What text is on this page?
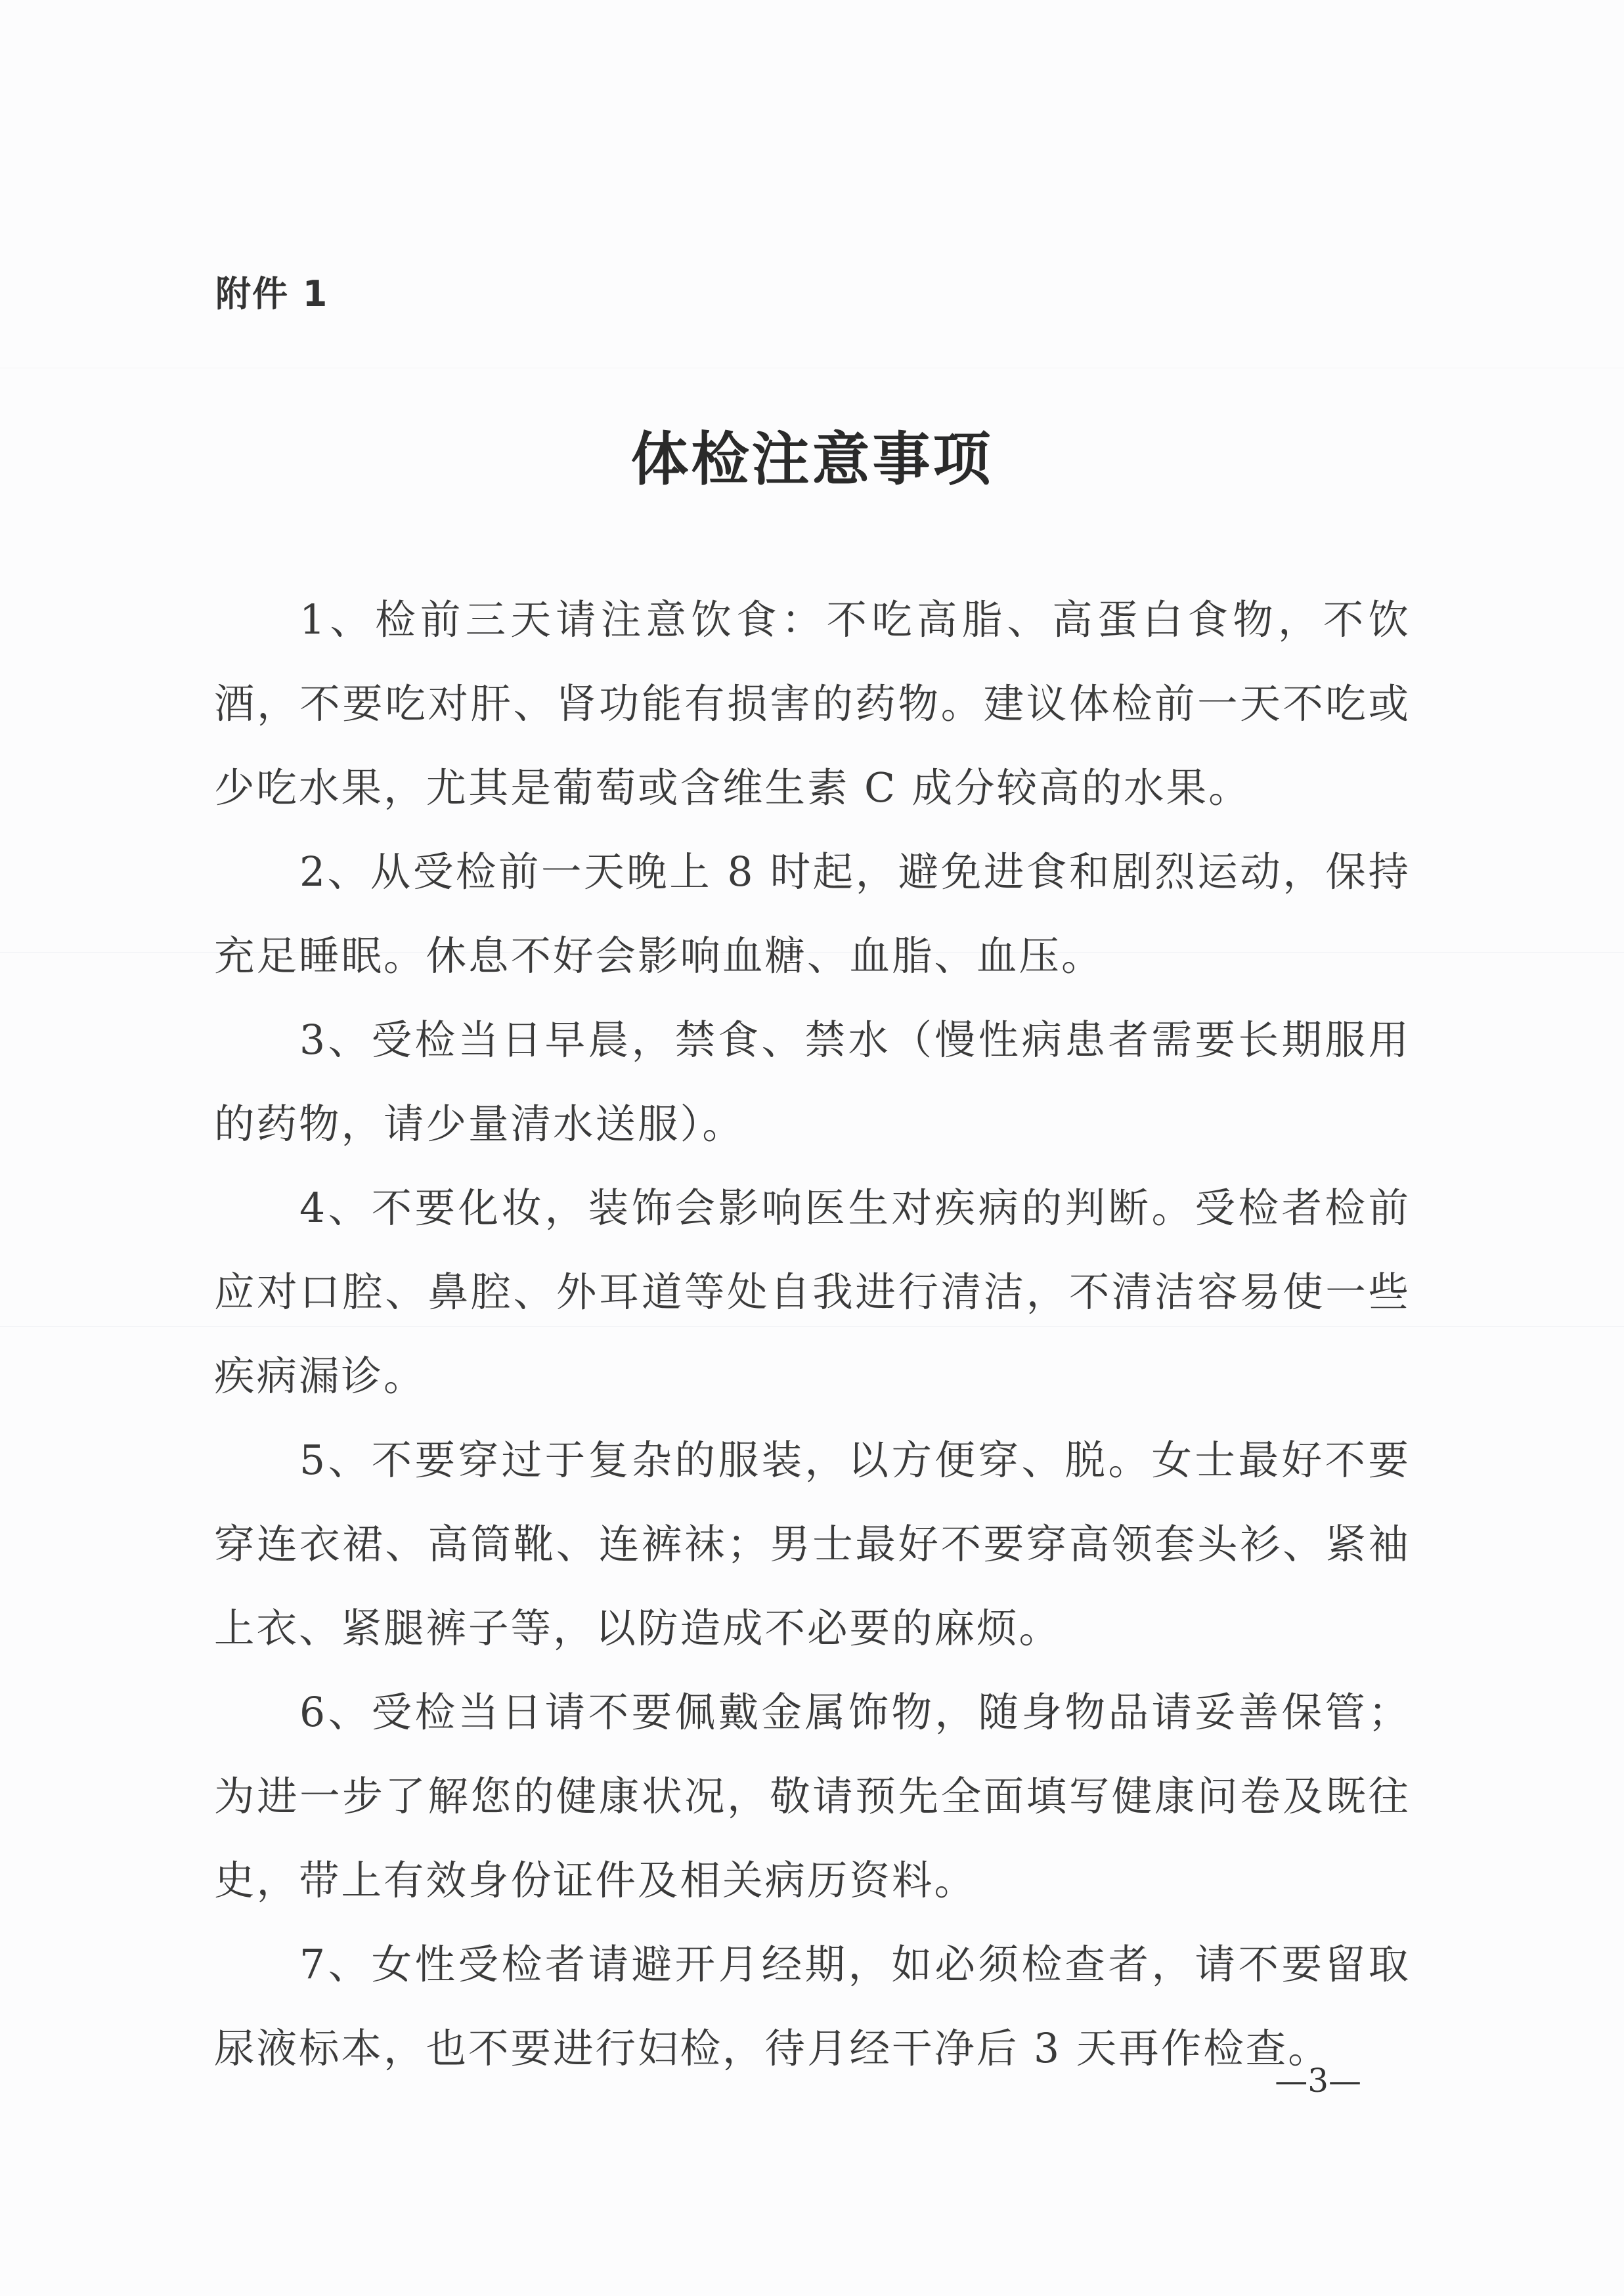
附件 1
体检注意事项

1、检前三天请注意饮食：不吃高脂、高蛋白食物，不饮酒，不要吃对肝、肾功能有损害的药物。建议体检前一天不吃或少吃水果，尤其是葡萄或含维生素 C 成分较高的水果。

2、从受检前一天晚上 8 时起，避免进食和剧烈运动，保持充足睡眠。休息不好会影响血糖、血脂、血压。

3、受检当日早晨，禁食、禁水（慢性病患者需要长期服用的药物，请少量清水送服）。

4、不要化妆，装饰会影响医生对疾病的判断。受检者检前应对口腔、鼻腔、外耳道等处自我进行清洁，不清洁容易使一些疾病漏诊。

5、不要穿过于复杂的服装，以方便穿、脱。女士最好不要穿连衣裙、高筒靴、连裤袜；男士最好不要穿高领套头衫、紧袖上衣、紧腿裤子等，以防造成不必要的麻烦。

6、受检当日请不要佩戴金属饰物，随身物品请妥善保管；为进一步了解您的健康状况，敬请预先全面填写健康问卷及既往史，带上有效身份证件及相关病历资料。

7、女性受检者请避开月经期，如必须检查者，请不要留取尿液标本，也不要进行妇检，待月经干净后 3 天再作检查。

—3—
